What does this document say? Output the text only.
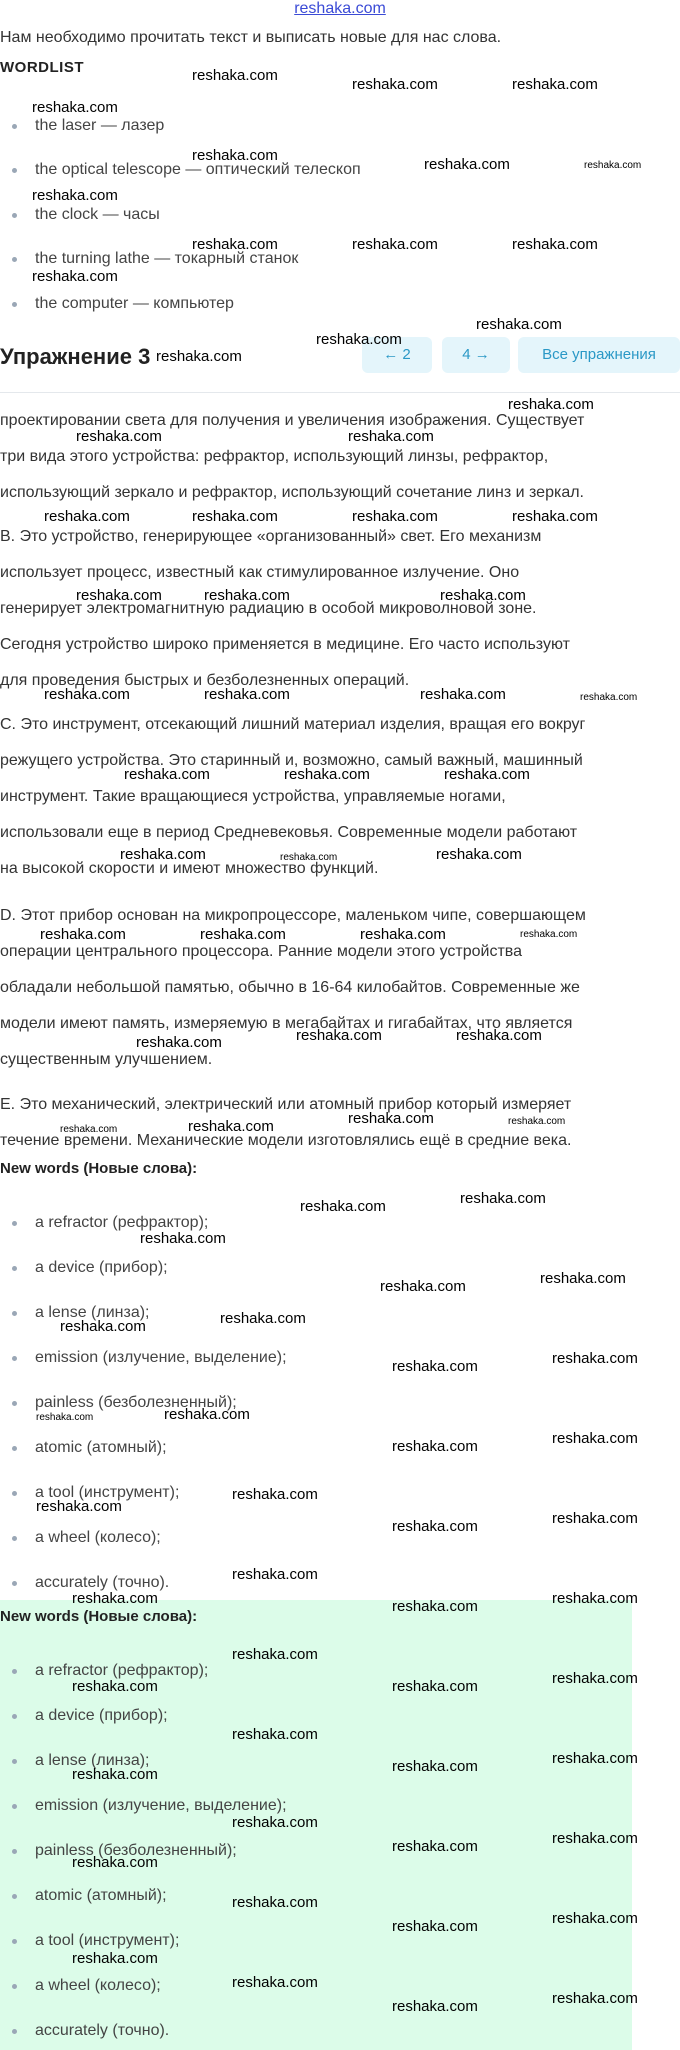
reshaka.com
Нам необходимо прочитать текст и выписать новые для нас слова.
WORDLIST
the laser — лазер
the optical telescope — оптический телескоп
the clock — часы
the turning lathe — токарный станок
the computer — компьютер
Упражнение 3	← 2	4 →	Все упражнения
проектировании света для получения и увеличения изображения. Существует
три вида этого устройства: рефрактор, использующий линзы, рефрактор,
использующий зеркало и рефрактор, использующий сочетание линз и зеркал.
B. Это устройство, генерирующее «организованный» свет. Его механизм
использует процесс, известный как стимулированное излучение. Оно
генерирует электромагнитную радиацию в особой микроволновой зоне.
Сегодня устройство широко применяется в медицине. Его часто используют
для проведения быстрых и безболезненных операций.
C. Это инструмент, отсекающий лишний материал изделия, вращая его вокруг
режущего устройства. Это старинный и, возможно, самый важный, машинный
инструмент. Такие вращающиеся устройства, управляемые ногами,
использовали еще в период Средневековья. Современные модели работают
на высокой скорости и имеют множество функций.
D. Этот прибор основан на микропроцессоре, маленьком чипе, совершающем
операции центрального процессора. Ранние модели этого устройства
обладали небольшой памятью, обычно в 16-64 килобайтов. Современные же
модели имеют память, измеряемую в мегабайтах и гигабайтах, что является
существенным улучшением.
E. Это механический, электрический или атомный прибор который измеряет
течение времени. Механические модели изготовлялись ещё в средние века.
New words (Новые слова):
a refractor (рефрактор);
a device (прибор);
a lense (линза);
emission (излучение, выделение);
painless (безболезненный);
atomic (атомный);
a tool (инструмент);
a wheel (колесо);
accurately (точно).
New words (Новые слова):
a refractor (рефрактор);
a device (прибор);
a lense (линза);
emission (излучение, выделение);
painless (безболезненный);
atomic (атомный);
a tool (инструмент);
a wheel (колесо);
accurately (точно).
reshaka.com
reshaka.com	reshaka.com
reshaka.com
reshaka.com
reshaka.com	reshaka.com
reshaka.com
reshaka.com	reshaka.com	reshaka.com
reshaka.com
reshaka.com
reshaka.com
reshaka.com
reshaka.com
reshaka.com	reshaka.com
reshaka.com	reshaka.com	reshaka.com	reshaka.com
reshaka.com	reshaka.com	reshaka.com
reshaka.com	reshaka.com	reshaka.com	reshaka.com
reshaka.com	reshaka.com	reshaka.com
reshaka.com	reshaka.com	reshaka.com
reshaka.com	reshaka.com	reshaka.com	reshaka.com
reshaka.com	reshaka.com	reshaka.com
reshaka.com	reshaka.com	reshaka.com	reshaka.com
reshaka.com
reshaka.com
reshaka.com
reshaka.com
reshaka.com
reshaka.com
reshaka.com
reshaka.com
reshaka.com
reshaka.com
reshaka.com
reshaka.com
reshaka.com
reshaka.com
reshaka.com
reshaka.com
reshaka.com
reshaka.com
reshaka.com	reshaka.com
reshaka.com
reshaka.com
reshaka.com	reshaka.com
reshaka.com
reshaka.com
reshaka.com
reshaka.com
reshaka.com
reshaka.com
reshaka.com
reshaka.com
reshaka.com
reshaka.com
reshaka.com
reshaka.com
reshaka.com
reshaka.com
reshaka.com
reshaka.com
